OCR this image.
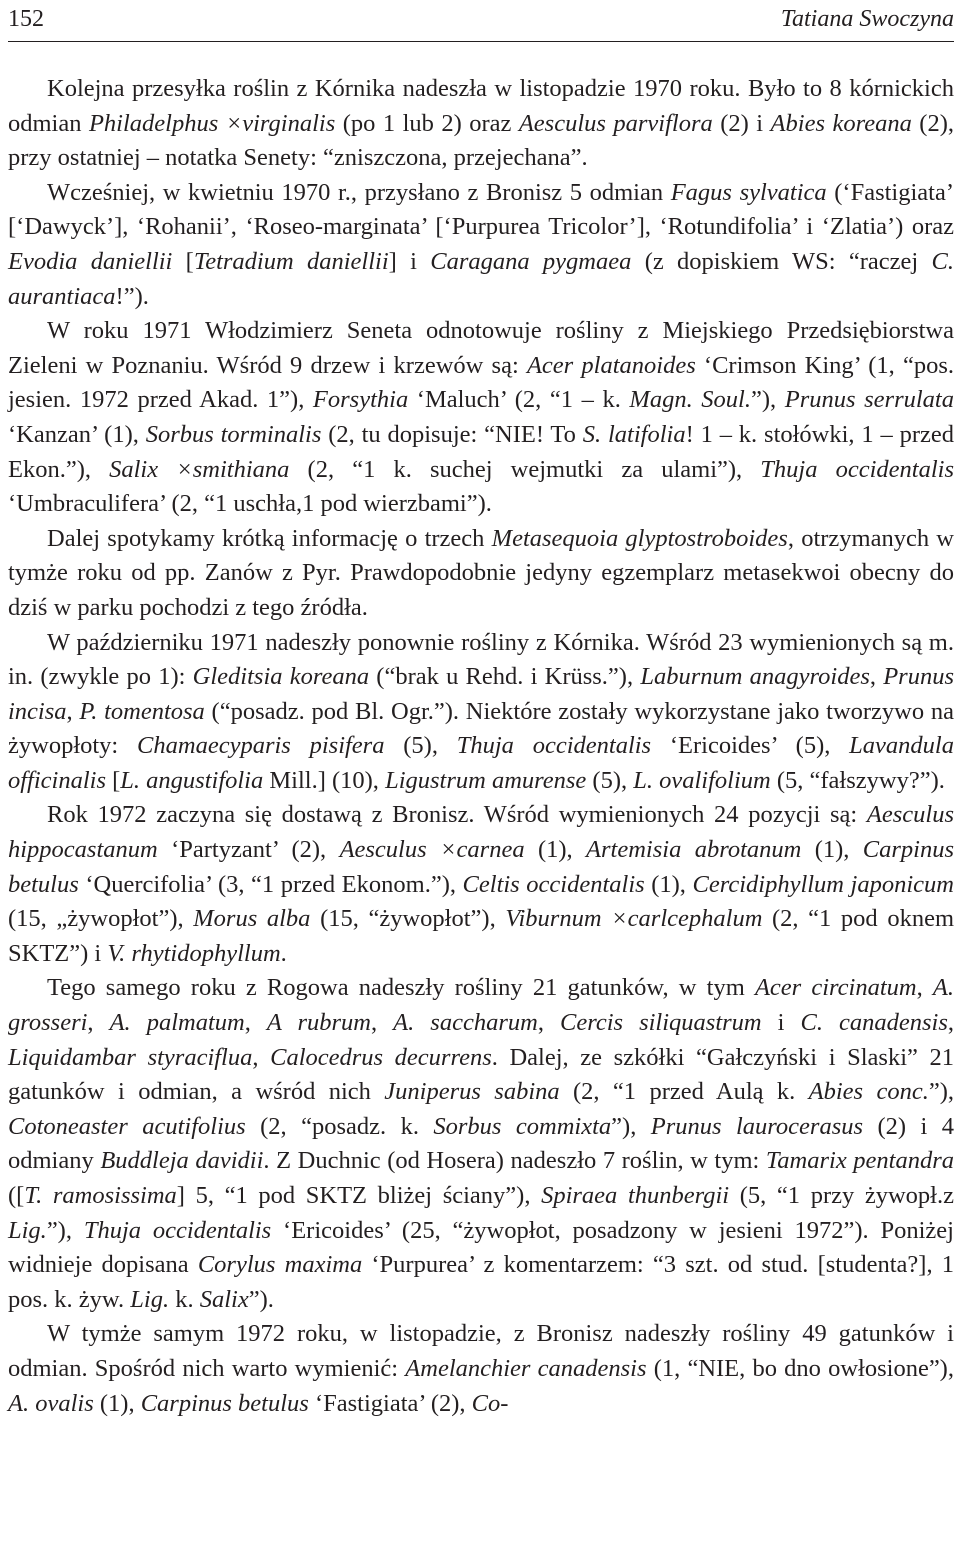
152	Tatiana Swoczyna

Kolejna przesyłka roślin z Kórnika nadeszła w listopadzie 1970 roku. Było to 8 kórnickich odmian Philadelphus ×virginalis (po 1 lub 2) oraz Aesculus parviflora (2) i Abies koreana (2), przy ostatniej – notatka Senety: “zniszczona, przejechana”.

Wcześniej, w kwietniu 1970 r., przysłano z Bronisz 5 odmian Fagus sylvatica (‘Fastigiata’ [‘Dawyck’], ‘Rohanii’, ‘Roseo-marginata’ [‘Purpurea Tricolor’], ‘Rotundifolia’ i ‘Zlatia’) oraz Evodia daniellii [Tetradium daniellii] i Caragana pygmaea (z dopiskiem WS: “raczej C. aurantiaca!”).

W roku 1971 Włodzimierz Seneta odnotowuje rośliny z Miejskiego Przedsiębiorstwa Zieleni w Poznaniu. Wśród 9 drzew i krzewów są: Acer platanoides ‘Crimson King’ (1, “pos. jesien. 1972 przed Akad. 1”), Forsythia ‘Maluch’ (2, “1 – k. Magn. Soul.”), Prunus serrulata ‘Kanzan’ (1), Sorbus torminalis (2, tu dopisuje: “NIE! To S. latifolia! 1 – k. stołówki, 1 – przed Ekon.”), Salix ×smithiana (2, “1 k. suchej wejmutki za ulami”), Thuja occidentalis ‘Umbraculifera’ (2, “1 uschła,1 pod wierzbami”).

Dalej spotykamy krótką informację o trzech Metasequoia glyptostroboides, otrzymanych w tymże roku od pp. Zanów z Pyr. Prawdopodobnie jedyny egzemplarz metasekwoi obecny do dziś w parku pochodzi z tego źródła.

W październiku 1971 nadeszły ponownie rośliny z Kórnika. Wśród 23 wymienionych są m. in. (zwykle po 1): Gleditsia koreana (“brak u Rehd. i Krüss.”), Laburnum anagyroides, Prunus incisa, P. tomentosa (“posadz. pod Bl. Ogr.”). Niektóre zostały wykorzystane jako tworzywo na żywopłoty: Chamaecyparis pisifera (5), Thuja occidentalis ‘Ericoides’ (5), Lavandula officinalis [L. angustifolia Mill.] (10), Ligustrum amurense (5), L. ovalifolium (5, “fałszywy?”).

Rok 1972 zaczyna się dostawą z Bronisz. Wśród wymienionych 24 pozycji są: Aesculus hippocastanum ‘Partyzant’ (2), Aesculus ×carnea (1), Artemisia abrotanum (1), Carpinus betulus ‘Quercifolia’ (3, “1 przed Ekonom.”), Celtis occidentalis (1), Cercidiphyllum japonicum (15, „żywopłot”), Morus alba (15, “żywopłot”), Viburnum ×carlcephalum (2, “1 pod oknem SKTZ”) i V. rhytidophyllum.

Tego samego roku z Rogowa nadeszły rośliny 21 gatunków, w tym Acer circinatum, A. grosseri, A. palmatum, A rubrum, A. saccharum, Cercis siliquastrum i C. canadensis, Liquidambar styraciflua, Calocedrus decurrens. Dalej, ze szkółki “Gałczyński i Slaski” 21 gatunków i odmian, a wśród nich Juniperus sabina (2, “1 przed Aulą k. Abies conc.”), Cotoneaster acutifolius (2, “posadz. k. Sorbus commixta”), Prunus laurocerasus (2) i 4 odmiany Buddleja davidii. Z Duchnic (od Hosera) nadeszło 7 roślin, w tym: Tamarix pentandra ([T. ramosissima] 5, “1 pod SKTZ bliżej ściany”), Spiraea thunbergii (5, “1 przy żywopł.z Lig.”), Thuja occidentalis ‘Ericoides’ (25, “żywopłot, posadzony w jesieni 1972”). Poniżej widnieje dopisana Corylus maxima ‘Purpurea’ z komentarzem: “3 szt. od stud. [studenta?], 1 pos. k. żyw. Lig. k. Salix”).

W tymże samym 1972 roku, w listopadzie, z Bronisz nadeszły rośliny 49 gatunków i odmian. Spośród nich warto wymienić: Amelanchier canadensis (1, “NIE, bo dno owłosione”), A. ovalis (1), Carpinus betulus ‘Fastigiata’ (2), Co-
